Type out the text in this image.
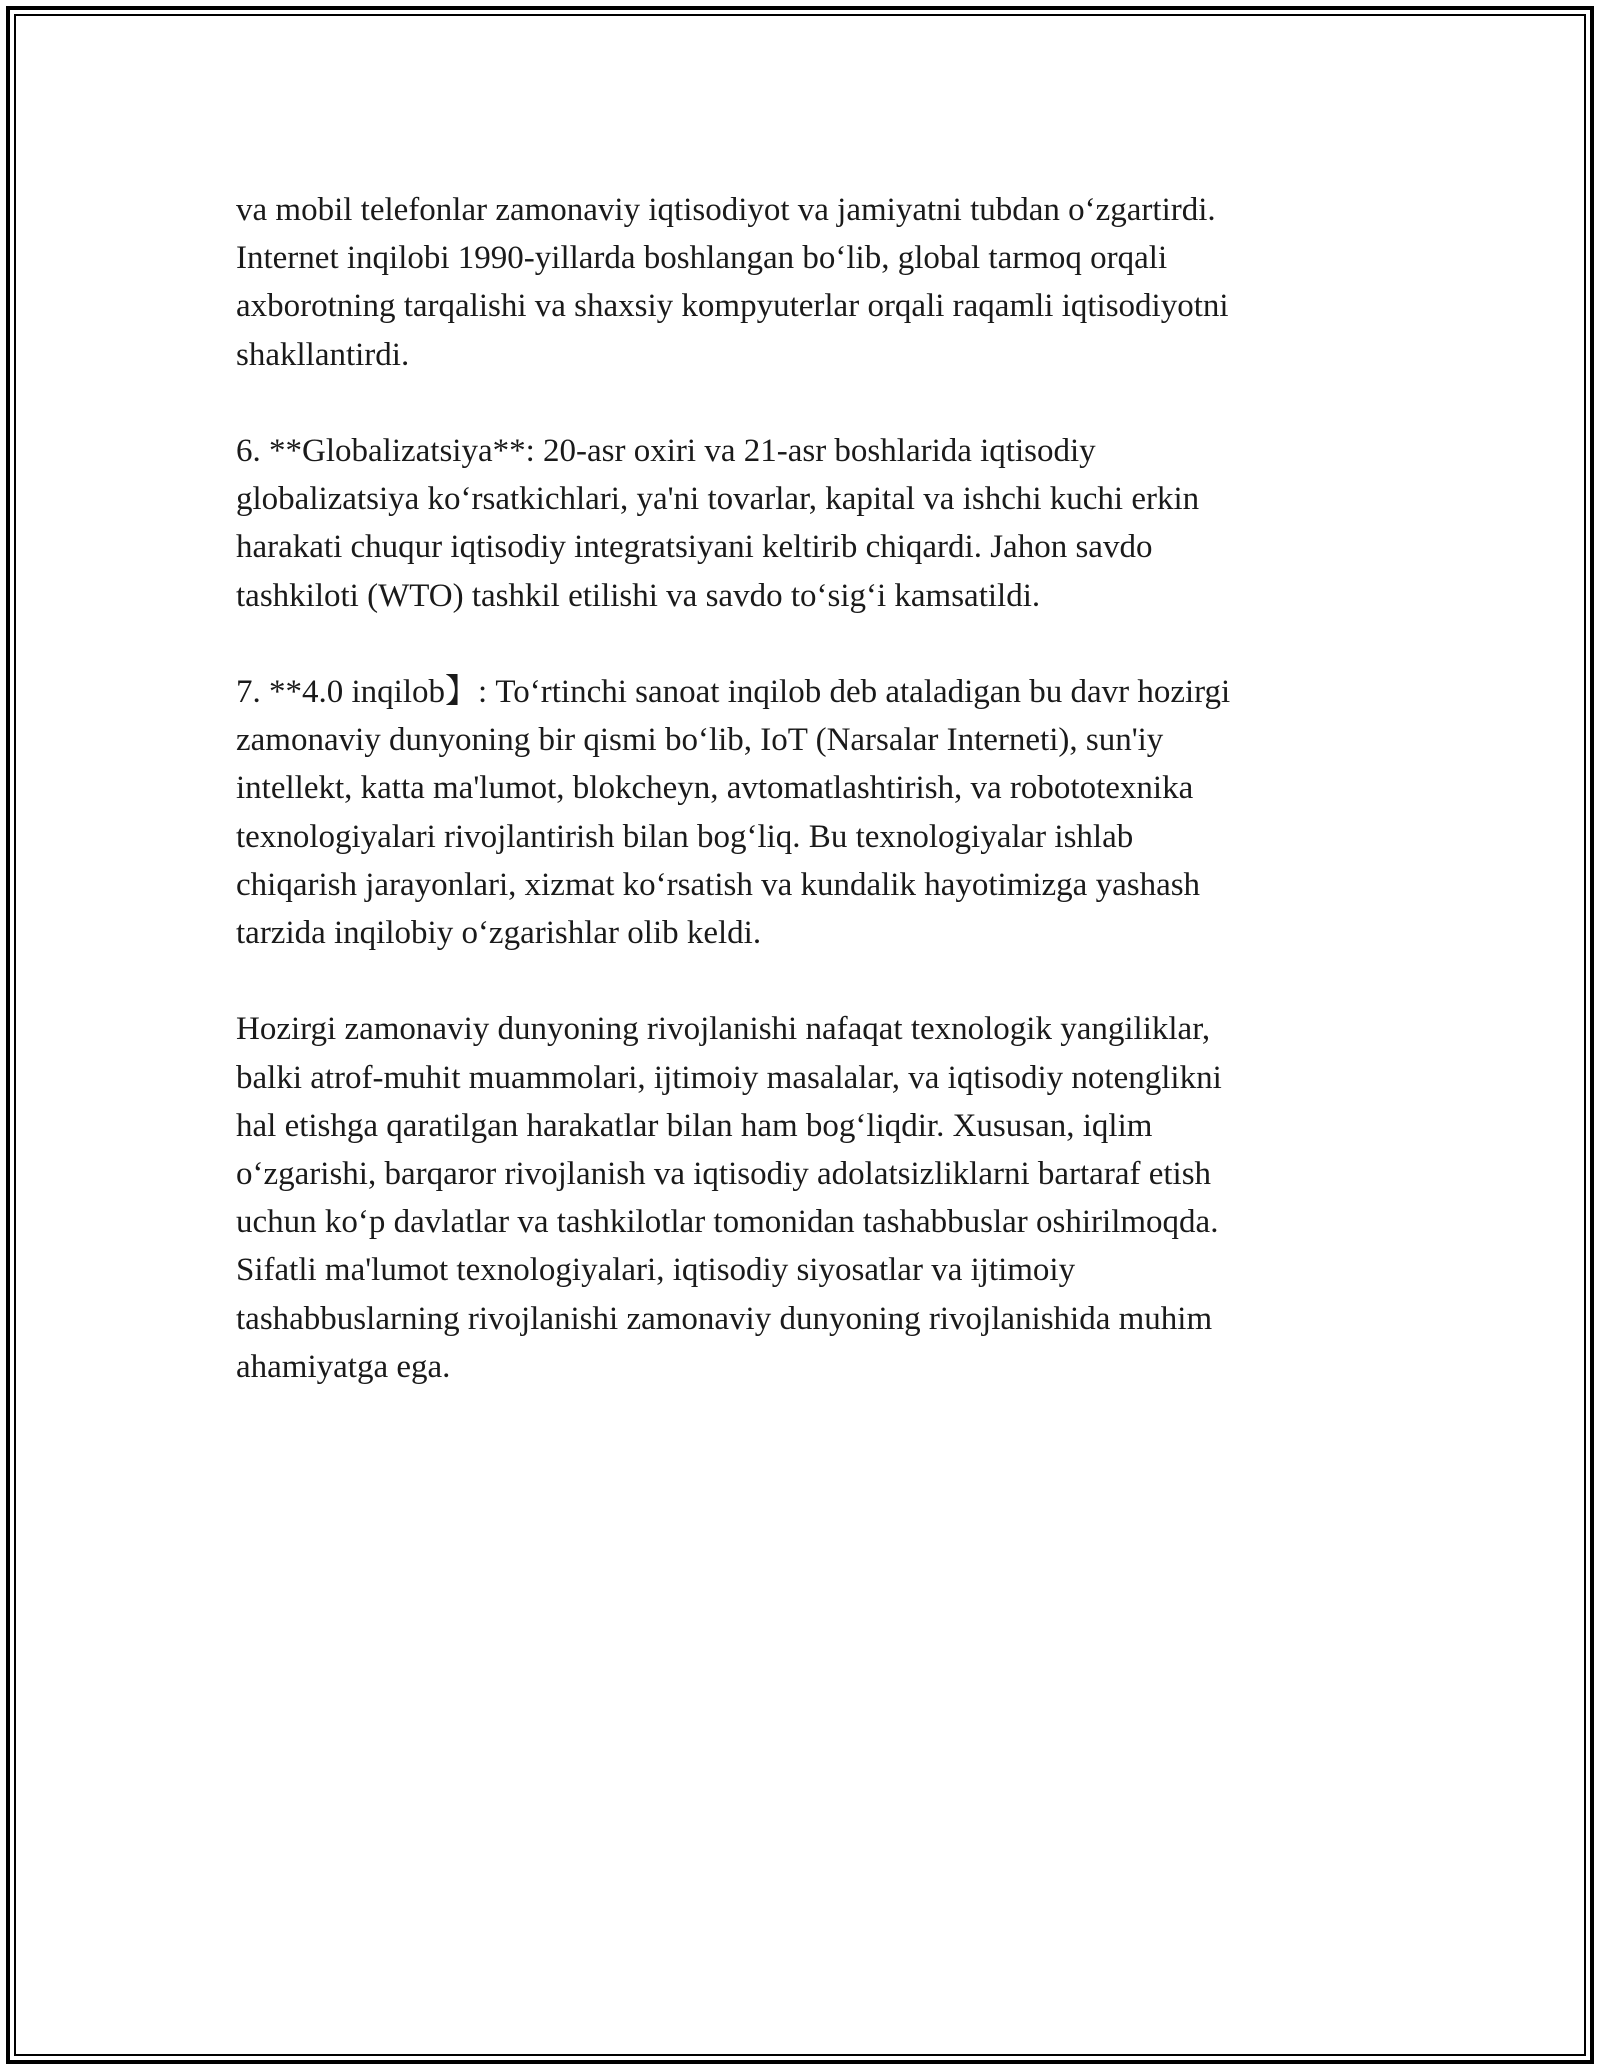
va mobil telefonlar zamonaviy iqtisodiyot va jamiyatni tubdan o‘zgartirdi.
Internet inqilobi 1990-yillarda boshlangan bo‘lib, global tarmoq orqali
axborotning tarqalishi va shaxsiy kompyuterlar orqali raqamli iqtisodiyotni
shakllantirdi.

6. **Globalizatsiya**: 20-asr oxiri va 21-asr boshlarida iqtisodiy
globalizatsiya ko‘rsatkichlari, ya'ni tovarlar, kapital va ishchi kuchi erkin
harakati chuqur iqtisodiy integratsiyani keltirib chiqardi. Jahon savdo
tashkiloti (WTO) tashkil etilishi va savdo to‘sig‘i kamsatildi.

7. **4.0 inqilob】: To‘rtinchi sanoat inqilob deb ataladigan bu davr hozirgi
zamonaviy dunyoning bir qismi bo‘lib, IoT (Narsalar Interneti), sun'iy
intellekt, katta ma'lumot, blokcheyn, avtomatlashtirish, va robototexnika
texnologiyalari rivojlantirish bilan bog‘liq. Bu texnologiyalar ishlab
chiqarish jarayonlari, xizmat ko‘rsatish va kundalik hayotimizga yashash
tarzida inqilobiy o‘zgarishlar olib keldi.

Hozirgi zamonaviy dunyoning rivojlanishi nafaqat texnologik yangiliklar,
balki atrof-muhit muammolari, ijtimoiy masalalar, va iqtisodiy notenglikni
hal etishga qaratilgan harakatlar bilan ham bog‘liqdir. Xususan, iqlim
o‘zgarishi, barqaror rivojlanish va iqtisodiy adolatsizliklarni bartaraf etish
uchun ko‘p davlatlar va tashkilotlar tomonidan tashabbuslar oshirilmoqda.
Sifatli ma'lumot texnologiyalari, iqtisodiy siyosatlar va ijtimoiy
tashabbuslarning rivojlanishi zamonaviy dunyoning rivojlanishida muhim
ahamiyatga ega.
